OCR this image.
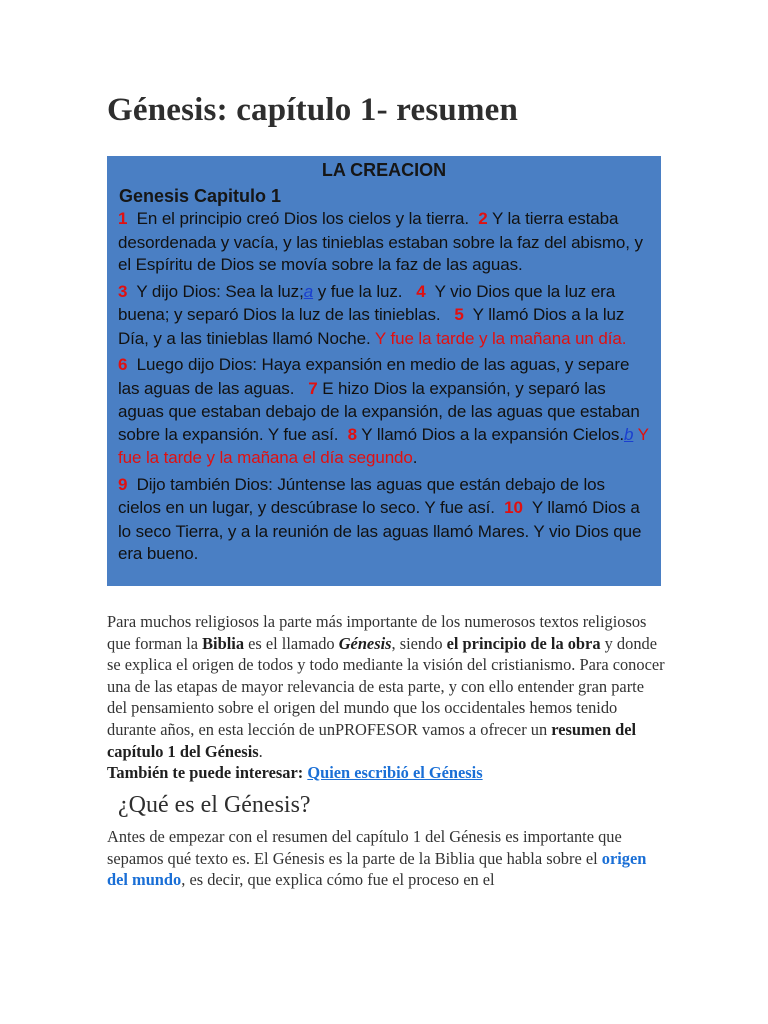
Génesis: capítulo 1- resumen
LA CREACION
Genesis Capitulo 1

1 En el principio creó Dios los cielos y la tierra. 2 Y la tierra estaba desordenada y vacía, y las tinieblas estaban sobre la faz del abismo, y el Espíritu de Dios se movía sobre la faz de las aguas.

3 Y dijo Dios: Sea la luz;a y fue la luz. 4 Y vio Dios que la luz era buena; y separó Dios la luz de las tinieblas. 5 Y llamó Dios a la luz Día, y a las tinieblas llamó Noche. Y fue la tarde y la mañana un día.

6 Luego dijo Dios: Haya expansión en medio de las aguas, y separe las aguas de las aguas. 7 E hizo Dios la expansión, y separó las aguas que estaban debajo de la expansión, de las aguas que estaban sobre la expansión. Y fue así. 8 Y llamó Dios a la expansión Cielos.b Y fue la tarde y la mañana el día segundo.

9 Dijo también Dios: Júntense las aguas que están debajo de los cielos en un lugar, y descúbrase lo seco. Y fue así. 10 Y llamó Dios a lo seco Tierra, y a la reunión de las aguas llamó Mares. Y vio Dios que era bueno.

Para muchos religiosos la parte más importante de los numerosos textos religiosos que forman la Biblia es el llamado Génesis, siendo el principio de la obra y donde se explica el origen de todos y todo mediante la visión del cristianismo. Para conocer una de las etapas de mayor relevancia de esta parte, y con ello entender gran parte del pensamiento sobre el origen del mundo que los occidentales hemos tenido durante años, en esta lección de unPROFESOR vamos a ofrecer un resumen del capítulo 1 del Génesis.
También te puede interesar: Quien escribió el Génesis

¿Qué es el Génesis?

Antes de empezar con el resumen del capítulo 1 del Génesis es importante que sepamos qué texto es. El Génesis es la parte de la Biblia que habla sobre el origen del mundo, es decir, que explica cómo fue el proceso en el
